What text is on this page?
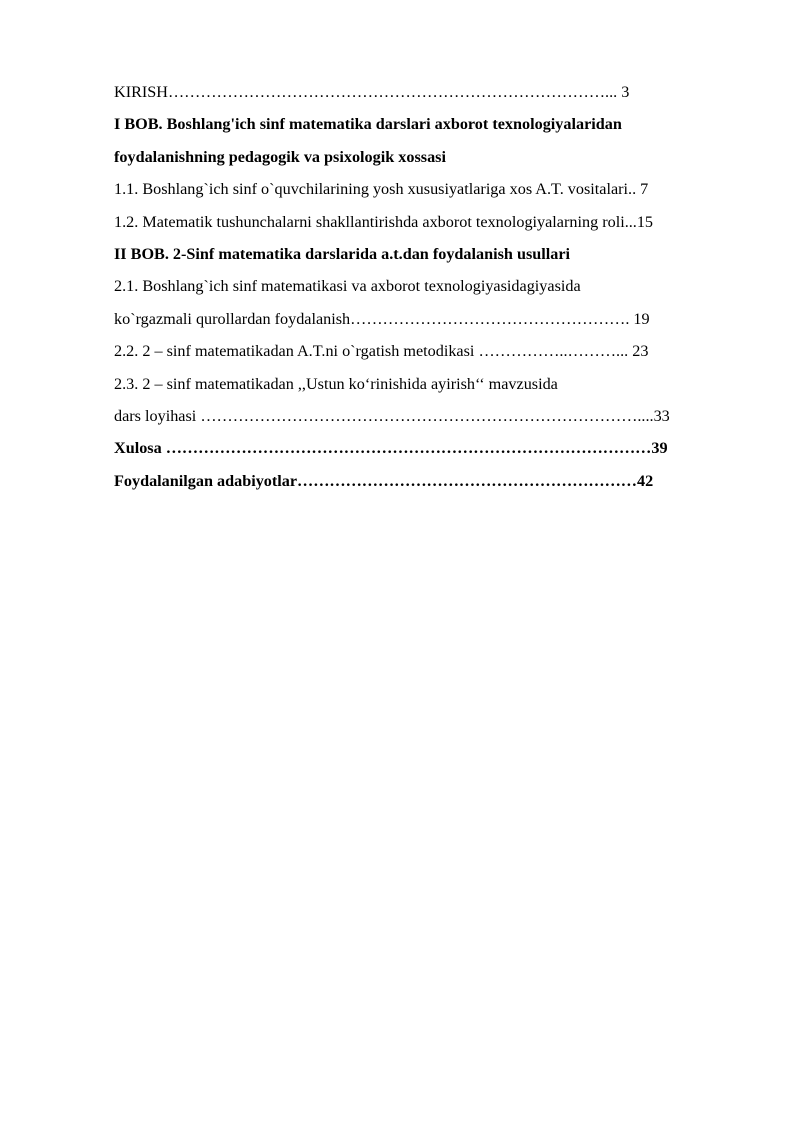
KIRISH………………………………………………………………………... 3
I BOB. Boshlang'ich sinf matematika darslari axborot texnologiyalaridan
foydalanishning pedagogik va psixologik xossasi
1.1. Boshlang`ich sinf o`quvchilarining yosh xususiyatlariga xos A.T. vositalari.. 7
1.2. Matematik tushunchalarni shakllantirishda axborot texnologiyalarning roli...15
II BOB. 2-Sinf matematika darslarida a.t.dan foydalanish usullari
2.1. Boshlang`ich sinf matematikasi va axborot texnologiyasidagiyasida
ko`rgazmali qurollardan foydalanish……………………………………………. 19
2.2. 2 – sinf matematikadan A.T.ni o`rgatish metodikasi ……………..………... 23
2.3. 2 – sinf matematikadan ,,Ustun ko‘rinishida ayirish‘‘ mavzusida
dars loyihasi ………………………………………………………………………....33
Xulosa ………………………………………………………………………………39
Foydalanilgan adabiyotlar………………………………………………………42
